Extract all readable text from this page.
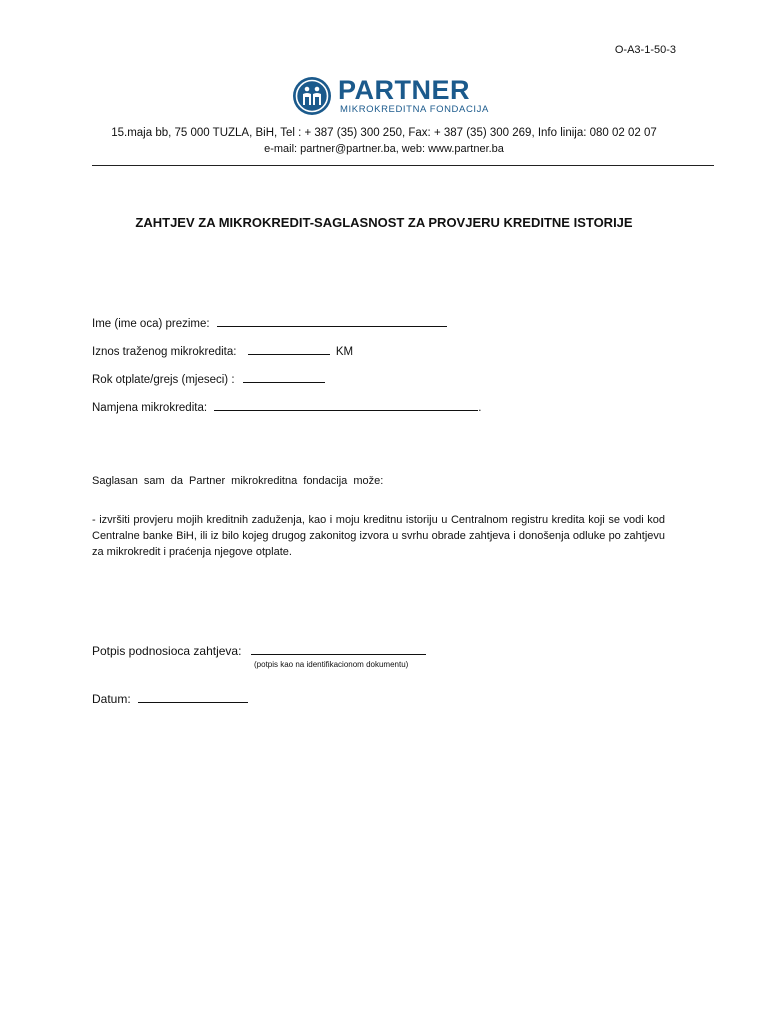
O-A3-1-50-3
PARTNER
MIKROKREDITNA FONDACIJA
15.maja bb, 75 000 TUZLA, BiH, Tel : + 387 (35) 300 250, Fax: + 387 (35) 300 269, Info linija: 080 02 02 07
e-mail: partner@partner.ba, web: www.partner.ba
ZAHTJEV ZA MIKROKREDIT-SAGLASNOST ZA PROVJERU KREDITNE ISTORIJE
Ime (ime oca) prezime:
Iznos traženog mikrokredita:	KM
Rok otplate/grejs (mjeseci) :
Namjena mikrokredita:	.
Saglasan sam da Partner mikrokreditna fondacija može:
- izvršiti provjeru mojih kreditnih zaduženja, kao i moju kreditnu istoriju u Centralnom registru kredita koji se vodi kod Centralne banke BiH, ili iz bilo kojeg drugog zakonitog izvora u svrhu obrade zahtjeva i donošenja odluke po zahtjevu za mikrokredit i praćenja njegove otplate.
Potpis podnosioca zahtjeva:
(potpis kao na identifikacionom dokumentu)
Datum:
